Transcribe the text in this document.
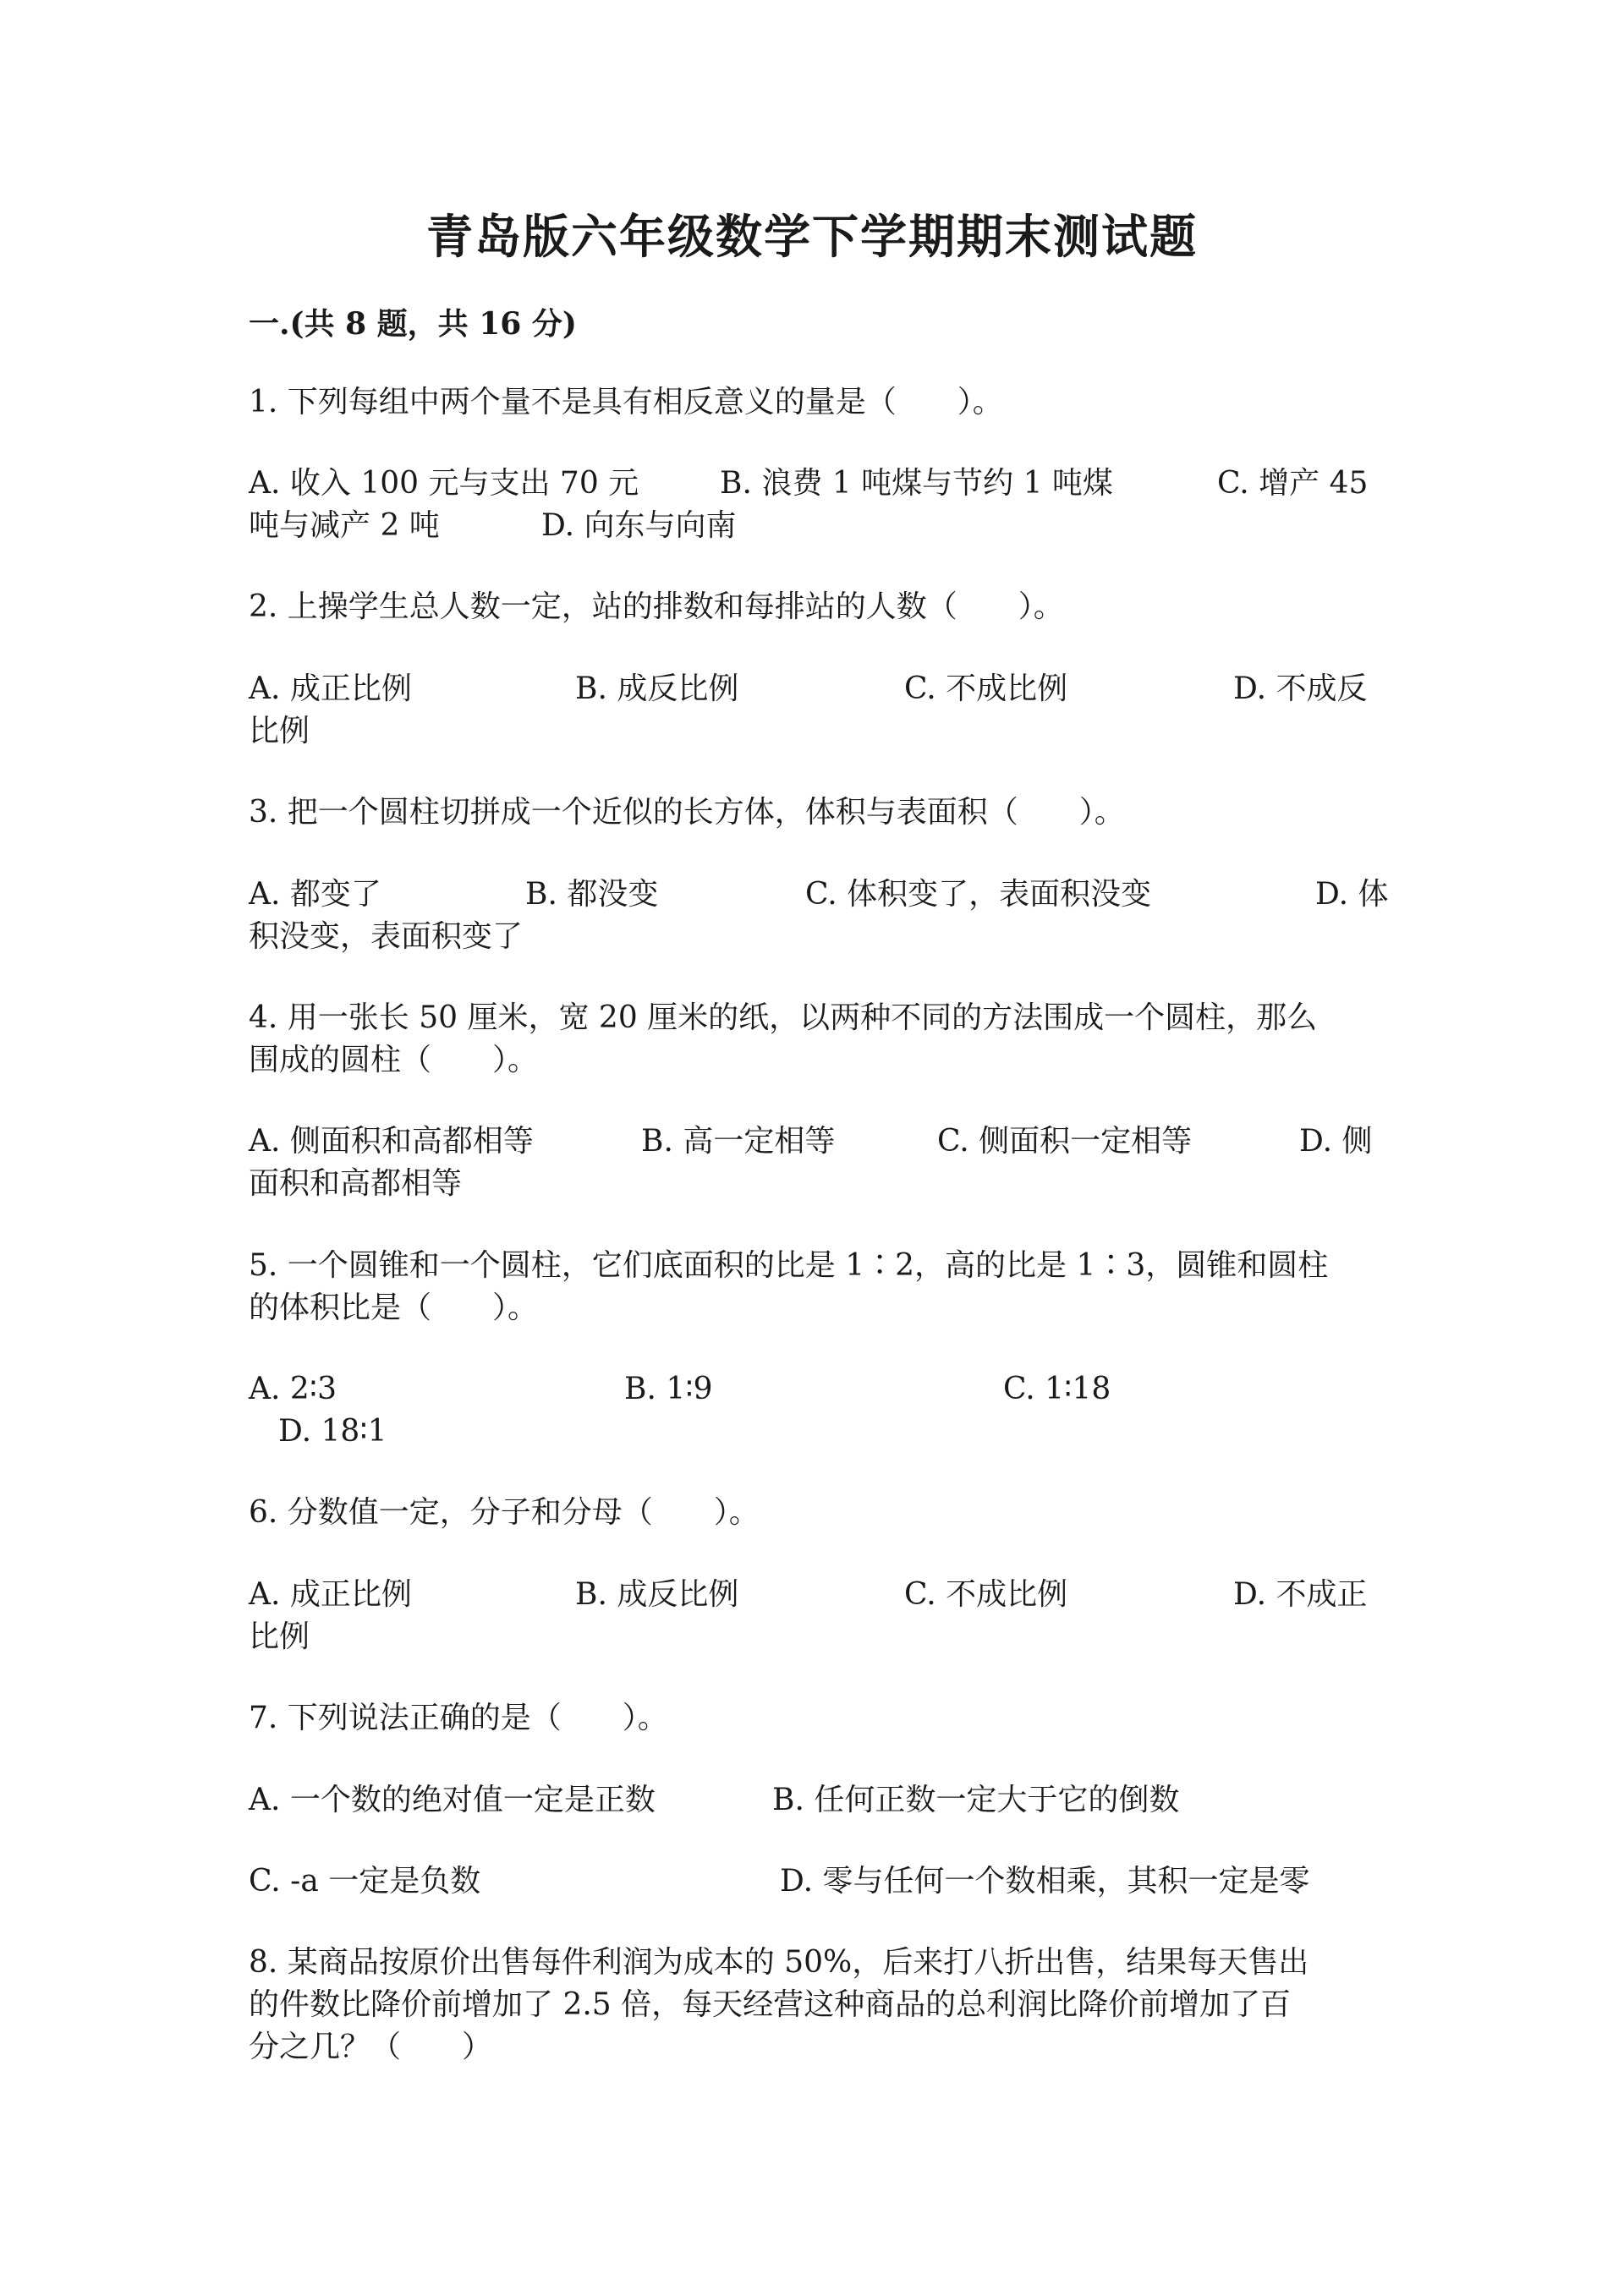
青岛版六年级数学下学期期末测试题
一.(共 8 题，共 16 分)
1. 下列每组中两个量不是具有相反意义的量是（　　）。
A. 收入 100 元与支出 70 元	B. 浪费 1 吨煤与节约 1 吨煤	C. 增产 45
吨与减产 2 吨	D. 向东与向南
2. 上操学生总人数一定，站的排数和每排站的人数（　　）。
A. 成正比例	B. 成反比例	C. 不成比例	D. 不成反
比例
3. 把一个圆柱切拼成一个近似的长方体，体积与表面积（　　）。
A. 都变了	B. 都没变	C. 体积变了，表面积没变	D. 体
积没变，表面积变了
4. 用一张长 50 厘米，宽 20 厘米的纸，以两种不同的方法围成一个圆柱，那么
围成的圆柱（　　）。
A. 侧面积和高都相等	B. 高一定相等	C. 侧面积一定相等	D. 侧
面积和高都相等
5. 一个圆锥和一个圆柱，它们底面积的比是 1∶2，高的比是 1∶3，圆锥和圆柱
的体积比是（　　）。
A. 2∶3	B. 1∶9	C. 1∶18
D. 18∶1
6. 分数值一定，分子和分母（　　）。
A. 成正比例	B. 成反比例	C. 不成比例	D. 不成正
比例
7. 下列说法正确的是（　　）。
A. 一个数的绝对值一定是正数	B. 任何正数一定大于它的倒数
C. -a 一定是负数	D. 零与任何一个数相乘，其积一定是零
8. 某商品按原价出售每件利润为成本的 50%，后来打八折出售，结果每天售出
的件数比降价前增加了 2.5 倍，每天经营这种商品的总利润比降价前增加了百
分之几？（　　）
